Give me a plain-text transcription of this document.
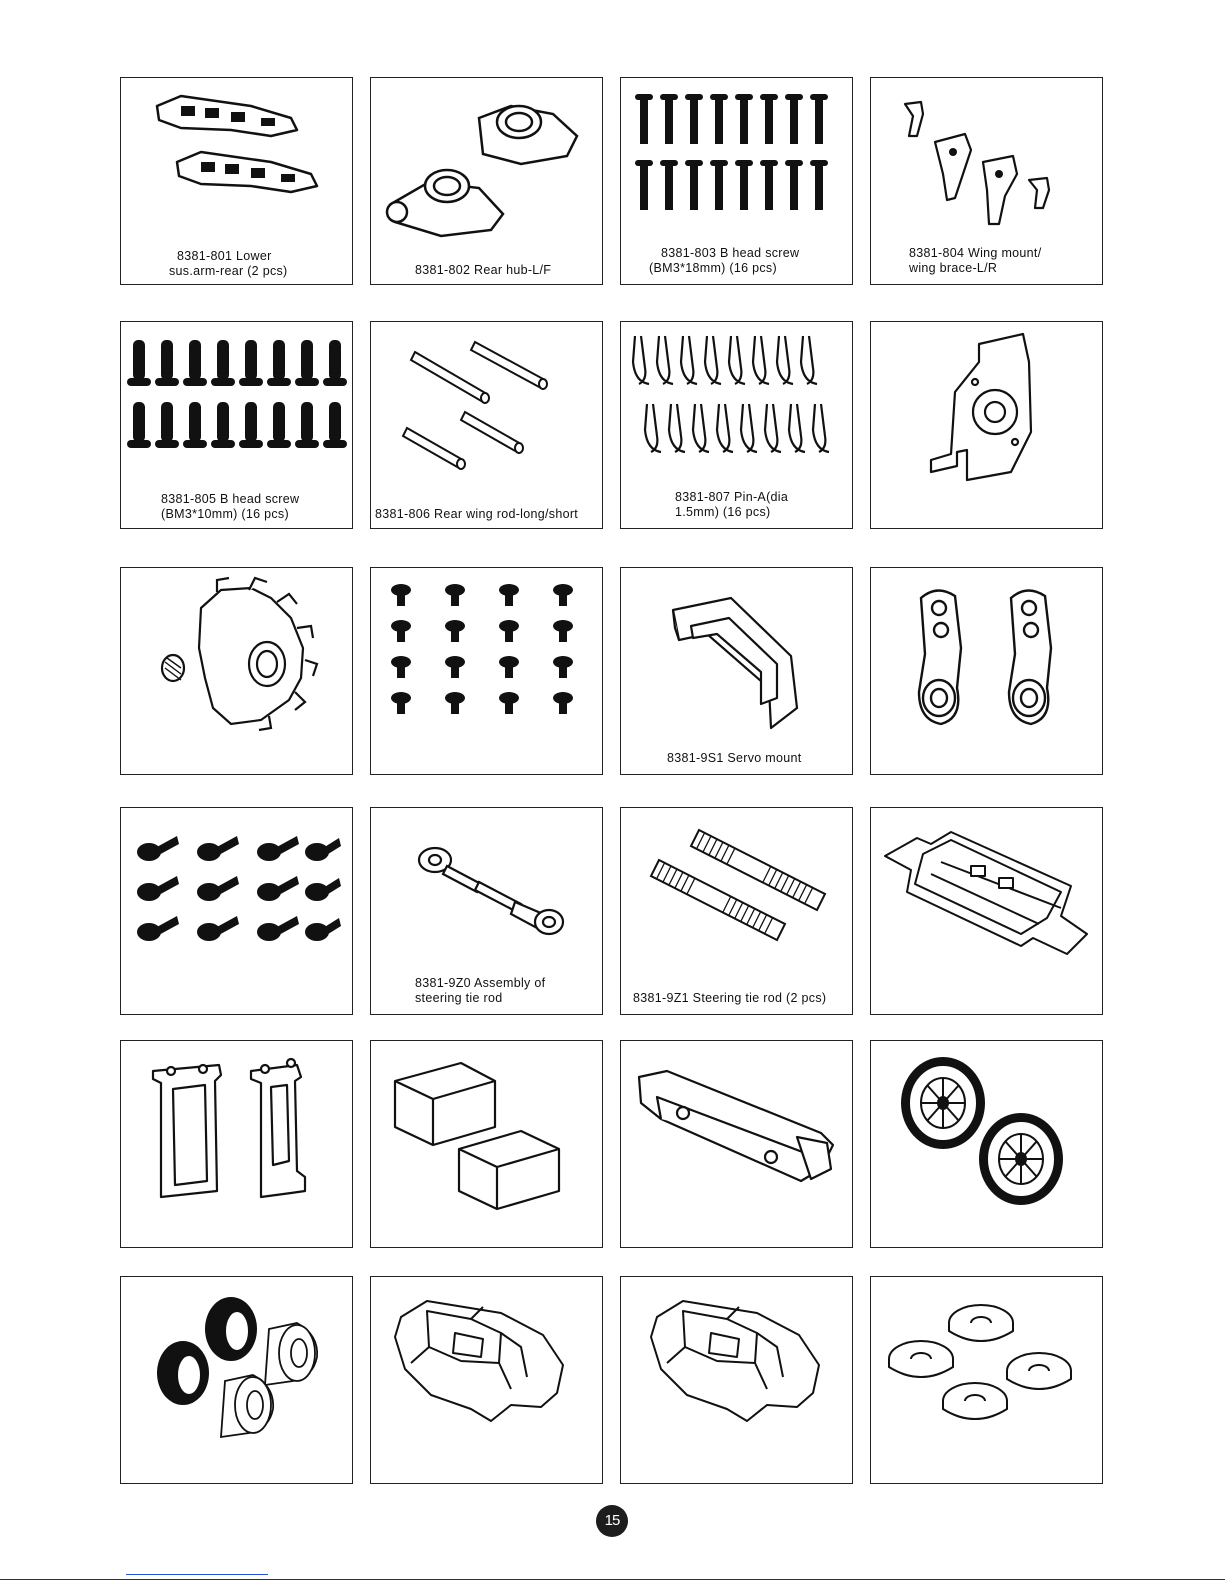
8381-801 Lower
sus.arm-rear (2 pcs)	8381-802 Rear hub-L/F
8381-803 B head screw
(BM3*18mm) (16 pcs)
8381-804 Wing mount/
wing brace-L/R
8381-805 B head screw
(BM3*10mm) (16 pcs)	8381-806 Rear wing rod-long/short
8381-807 Pin-A(dia
1.5mm) (16 pcs)
8381-9S1 Servo mount
8381-9Z0 Assembly of
steering tie rod	8381-9Z1 Steering tie rod (2 pcs)
15
